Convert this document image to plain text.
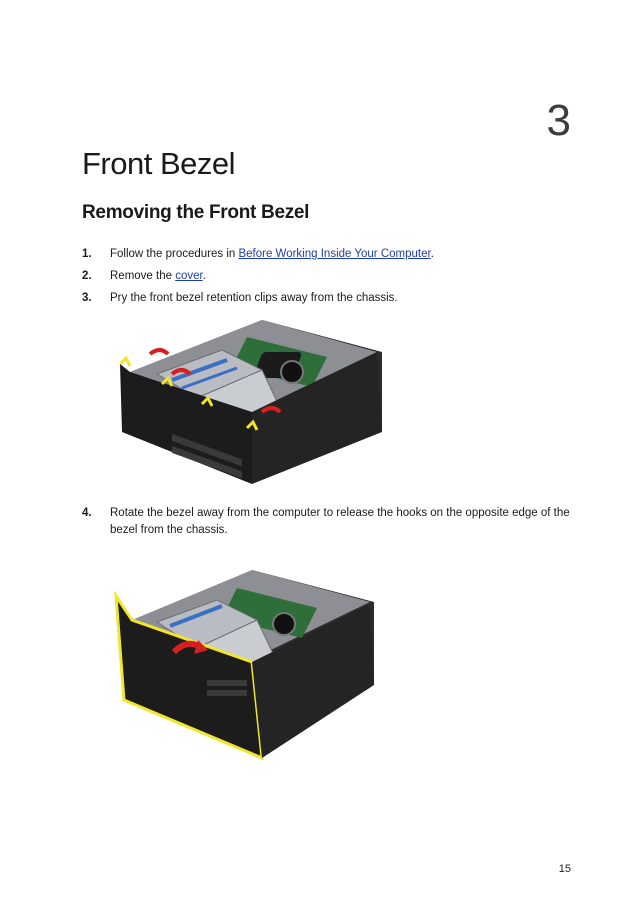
3
Front Bezel
Removing the Front Bezel
1. Follow the procedures in Before Working Inside Your Computer.
2. Remove the cover.
3. Pry the front bezel retention clips away from the chassis.
4. Rotate the bezel away from the computer to release the hooks on the opposite edge of the bezel from the chassis.
15
